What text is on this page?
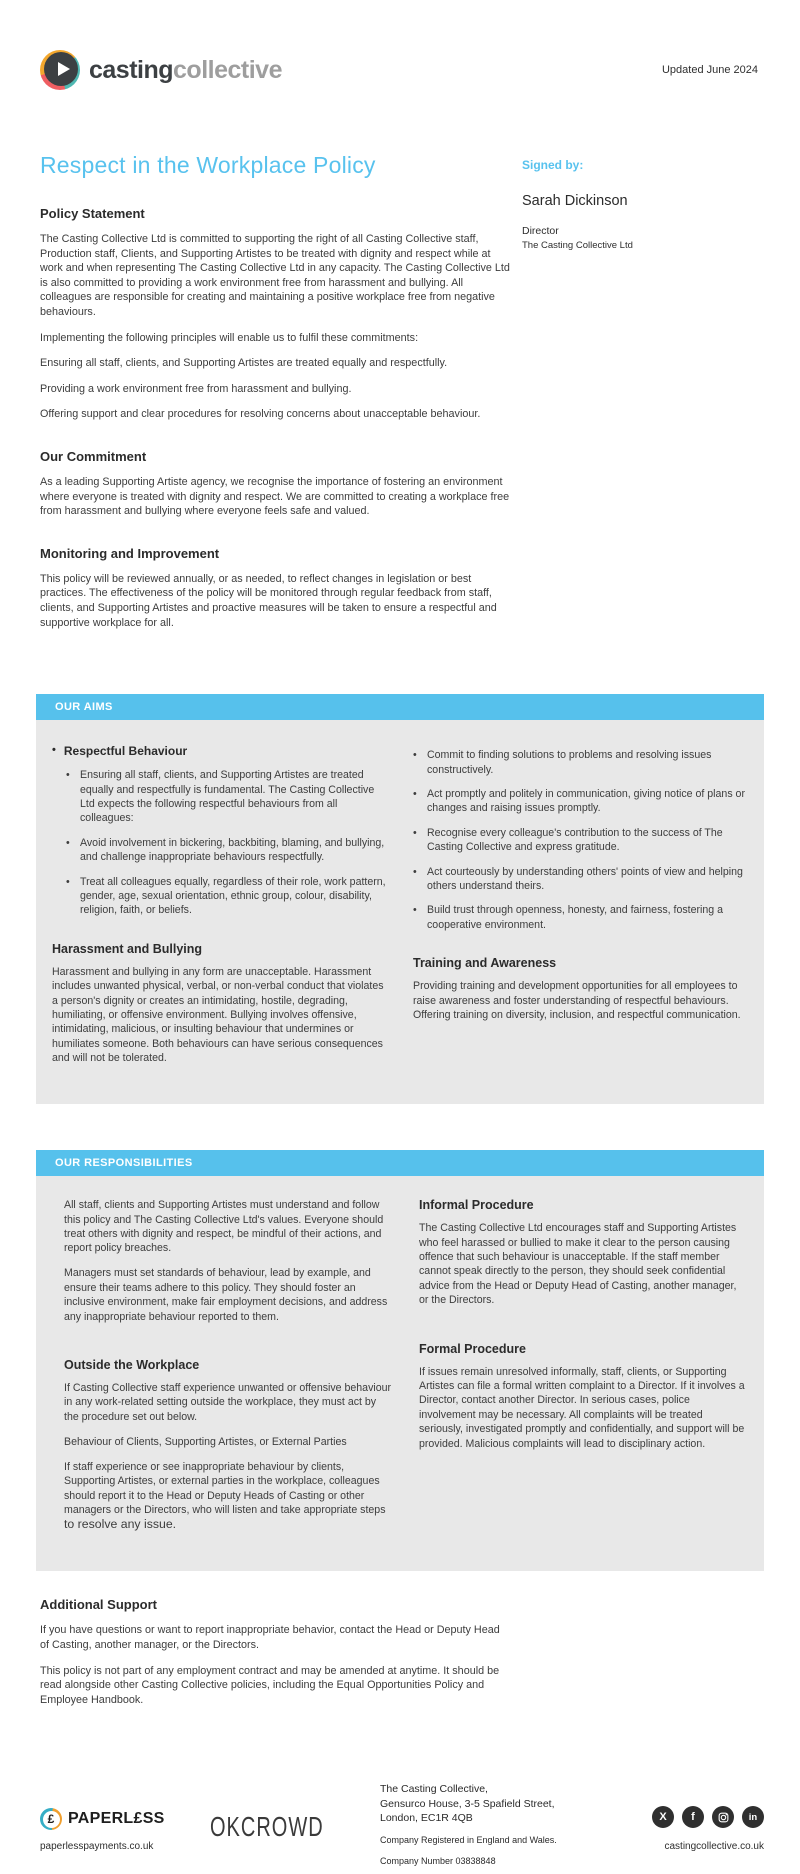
castingcollective	Updated June 2024
Respect in the Workplace Policy
Policy Statement

The Casting Collective Ltd is committed to supporting the right of all Casting Collective staff, Production staff, Clients, and Supporting Artistes to be treated with dignity and respect while at work and when representing The Casting Collective Ltd in any capacity. The Casting Collective Ltd is also committed to providing a work environment free from harassment and bullying. All colleagues are responsible for creating and maintaining a positive workplace free from negative behaviours.

Implementing the following principles will enable us to fulfil these commitments:

Ensuring all staff, clients, and Supporting Artistes are treated equally and respectfully.

Providing a work environment free from harassment and bullying.

Offering support and clear procedures for resolving concerns about unacceptable behaviour.

Our Commitment

As a leading Supporting Artiste agency, we recognise the importance of fostering an environment where everyone is treated with dignity and respect. We are committed to creating a workplace free from harassment and bullying where everyone feels safe and valued.

Monitoring and Improvement

This policy will be reviewed annually, or as needed, to reflect changes in legislation or best practices. The effectiveness of the policy will be monitored through regular feedback from staff, clients, and Supporting Artistes and proactive measures will be taken to ensure a respectful and supportive workplace for all.

Signed by:
Sarah Dickinson
Director
The Casting Collective Ltd
OUR AIMS
• Respectful Behaviour
• Ensuring all staff, clients, and Supporting Artistes are treated equally and respectfully is fundamental. The Casting Collective Ltd expects the following respectful behaviours from all colleagues:
• Avoid involvement in bickering, backbiting, blaming, and bullying, and challenge inappropriate behaviours respectfully.
• Treat all colleagues equally, regardless of their role, work pattern, gender, age, sexual orientation, ethnic group, colour, disability, religion, faith, or beliefs.
Harassment and Bullying

Harassment and bullying in any form are unacceptable. Harassment includes unwanted physical, verbal, or non-verbal conduct that violates a person's dignity or creates an intimidating, hostile, degrading, humiliating, or offensive environment. Bullying involves offensive, intimidating, malicious, or insulting behaviour that undermines or humiliates someone. Both behaviours can have serious consequences and will not be tolerated.

• Commit to finding solutions to problems and resolving issues constructively.
• Act promptly and politely in communication, giving notice of plans or changes and raising issues promptly.
• Recognise every colleague's contribution to the success of The Casting Collective and express gratitude.
• Act courteously by understanding others' points of view and helping others understand theirs.
• Build trust through openness, honesty, and fairness, fostering a cooperative environment.
Training and Awareness

Providing training and development opportunities for all employees to raise awareness and foster understanding of respectful behaviours. Offering training on diversity, inclusion, and respectful communication.

OUR RESPONSIBILITIES

All staff, clients and Supporting Artistes must understand and follow this policy and The Casting Collective Ltd's values. Everyone should treat others with dignity and respect, be mindful of their actions, and report policy breaches.

Managers must set standards of behaviour, lead by example, and ensure their teams adhere to this policy. They should foster an inclusive environment, make fair employment decisions, and address any inappropriate behaviour reported to them.

Outside the Workplace

If Casting Collective staff experience unwanted or offensive behaviour in any work-related setting outside the workplace, they must act by the procedure set out below.

Behaviour of Clients, Supporting Artistes, or External Parties

If staff experience or see inappropriate behaviour by clients, Supporting Artistes, or external parties in the workplace, colleagues should report it to the Head or Deputy Heads of Casting or other managers or the Directors, who will listen and take appropriate steps to resolve any issue.

Informal Procedure

The Casting Collective Ltd encourages staff and Supporting Artistes who feel harassed or bullied to make it clear to the person causing offence that such behaviour is unacceptable. If the staff member cannot speak directly to the person, they should seek confidential advice from the Head or Deputy Head of Casting, another manager, or the Directors.

Formal Procedure

If issues remain unresolved informally, staff, clients, or Supporting Artistes can file a formal written complaint to a Director. If it involves a Director, contact another Director. In serious cases, police involvement may be necessary. All complaints will be treated seriously, investigated promptly and confidentially, and support will be provided. Malicious complaints will lead to disciplinary action.

Additional Support

If you have questions or want to report inappropriate behavior, contact the Head or Deputy Head of Casting, another manager, or the Directors.

This policy is not part of any employment contract and may be amended at anytime. It should be read alongside other Casting Collective policies, including the Equal Opportunities Policy and Employee Handbook.

£ PAPERL£SS
paperlesspayments.co.uk
OKCROWD
The Casting Collective,
Gensurco House, 3-5 Spafield Street,
London, EC1R 4QB
Company Registered in England and Wales.
Company Number 03838848
X	f	in
castingcollective.co.uk
